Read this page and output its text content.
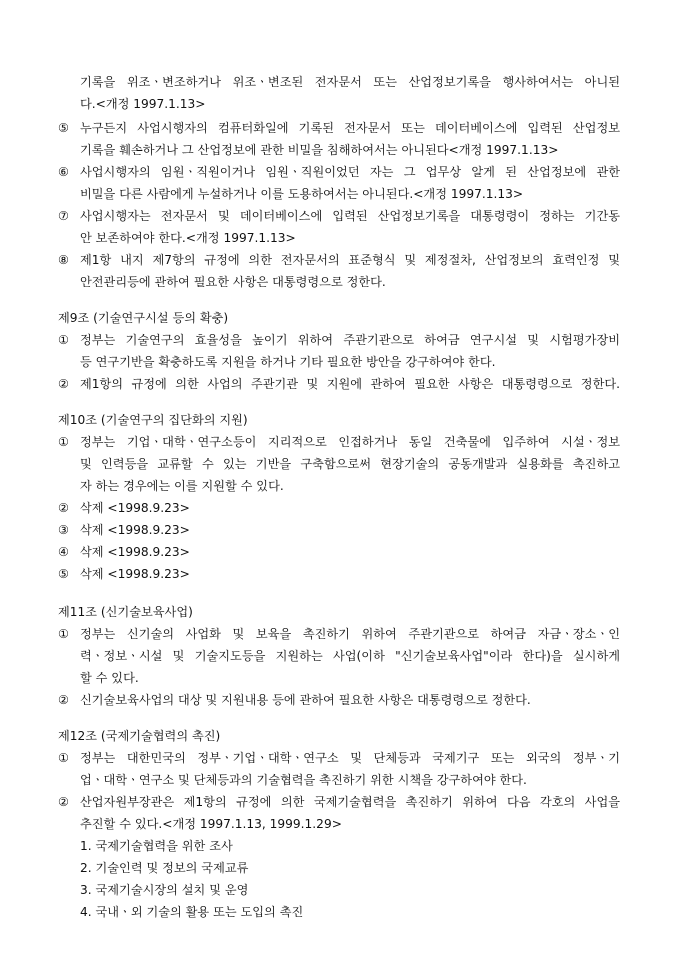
기록을 위조ㆍ변조하거나 위조ㆍ변조된 전자문서 또는 산업정보기록을 행사하여서는 아니된
다.<개정 1997.1.13>
⑤ 누구든지 사업시행자의 컴퓨터화일에 기록된 전자문서 또는 데이터베이스에 입력된 산업정보
기록을 훼손하거나 그 산업정보에 관한 비밀을 침해하여서는 아니된다<개정 1997.1.13>
⑥ 사업시행자의 임원ㆍ직원이거나 임원ㆍ직원이었던 자는 그 업무상 알게 된 산업정보에 관한
비밀을 다른 사람에게 누설하거나 이를 도용하여서는 아니된다.<개정 1997.1.13>
⑦ 사업시행자는 전자문서 및 데이터베이스에 입력된 산업정보기록을 대통령령이 정하는 기간동
안 보존하여야 한다.<개정 1997.1.13>
⑧ 제1항 내지 제7항의 규정에 의한 전자문서의 표준형식 및 제정절차, 산업정보의 효력인정 및
안전관리등에 관하여 필요한 사항은 대통령령으로 정한다.
제9조 (기술연구시설 등의 확충)
① 정부는 기술연구의 효율성을 높이기 위하여 주관기관으로 하여금 연구시설 및 시험평가장비
등 연구기반을 확충하도록 지원을 하거나 기타 필요한 방안을 강구하여야 한다.
② 제1항의 규정에 의한 사업의 주관기관 및 지원에 관하여 필요한 사항은 대통령령으로 정한다.
제10조 (기술연구의 집단화의 지원)
① 정부는 기업ㆍ대학ㆍ연구소등이 지리적으로 인접하거나 동일 건축물에 입주하여 시설ㆍ정보
및 인력등을 교류할 수 있는 기반을 구축함으로써 현장기술의 공동개발과 실용화를 촉진하고
자 하는 경우에는 이를 지원할 수 있다.
② 삭제 <1998.9.23>
③ 삭제 <1998.9.23>
④ 삭제 <1998.9.23>
⑤ 삭제 <1998.9.23>
제11조 (신기술보육사업)
① 정부는 신기술의 사업화 및 보육을 촉진하기 위하여 주관기관으로 하여금 자금ㆍ장소ㆍ인
력ㆍ정보ㆍ시설 및 기술지도등을 지원하는 사업(이하 "신기술보육사업"이라 한다)을 실시하게
할 수 있다.
② 신기술보육사업의 대상 및 지원내용 등에 관하여 필요한 사항은 대통령령으로 정한다.
제12조 (국제기술협력의 촉진)
① 정부는 대한민국의 정부ㆍ기업ㆍ대학ㆍ연구소 및 단체등과 국제기구 또는 외국의 정부ㆍ기
업ㆍ대학ㆍ연구소 및 단체등과의 기술협력을 촉진하기 위한 시책을 강구하여야 한다.
② 산업자원부장관은 제1항의 규정에 의한 국제기술협력을 촉진하기 위하여 다음 각호의 사업을
추진할 수 있다.<개정 1997.1.13, 1999.1.29>
1. 국제기술협력을 위한 조사
2. 기술인력 및 정보의 국제교류
3. 국제기술시장의 설치 및 운영
4. 국내ㆍ외 기술의 활용 또는 도입의 촉진
